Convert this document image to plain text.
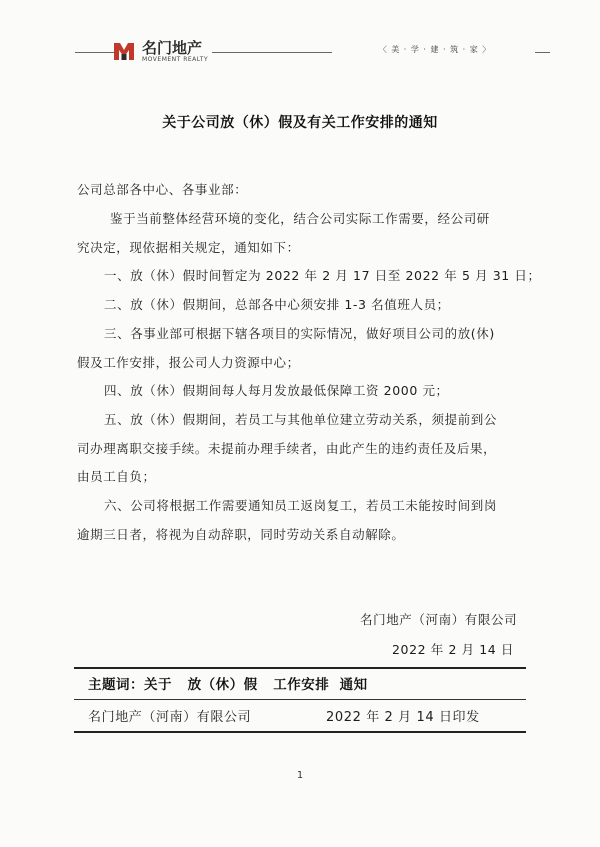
名门地产
MOVEMENT REALTY
〈 美 · 学 · 建 · 筑 · 家 〉
关于公司放（休）假及有关工作安排的通知
公司总部各中心、各事业部：
鉴于当前整体经营环境的变化，结合公司实际工作需要，经公司研
究决定，现依据相关规定，通知如下：
一、放（休）假时间暂定为 2022 年 2 月 17 日至 2022 年 5 月 31 日；
二、放（休）假期间，总部各中心须安排 1-3 名值班人员；
三、各事业部可根据下辖各项目的实际情况，做好项目公司的放(休)
假及工作安排，报公司人力资源中心；
四、放（休）假期间每人每月发放最低保障工资 2000 元；
五、放（休）假期间，若员工与其他单位建立劳动关系，须提前到公
司办理离职交接手续。未提前办理手续者，由此产生的违约责任及后果，
由员工自负；
六、公司将根据工作需要通知员工返岗复工，若员工未能按时间到岗
逾期三日者，将视为自动辞职，同时劳动关系自动解除。
名门地产（河南）有限公司
2022 年 2 月 14 日
主题词：关于   放（休）假   工作安排  通知
名门地产（河南）有限公司	2022 年 2 月 14 日印发
1
